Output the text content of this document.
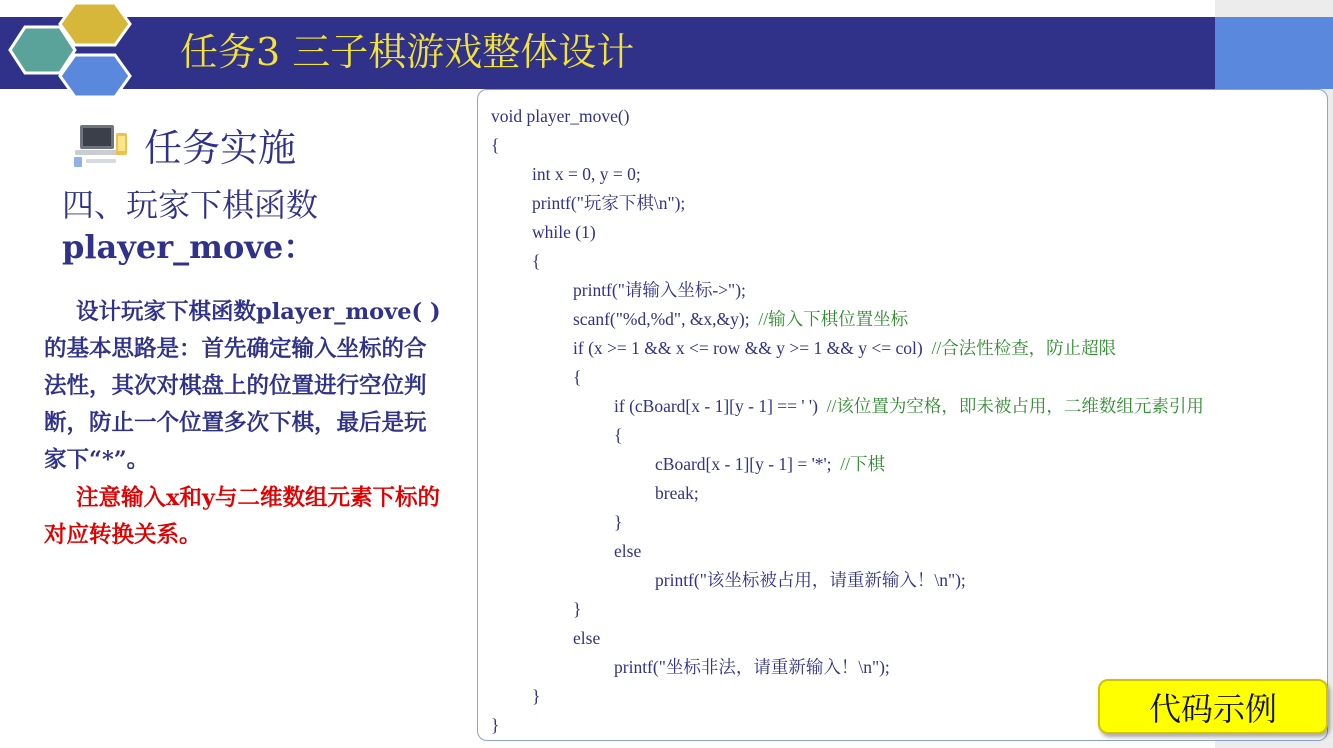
任务3 三子棋游戏整体设计
任务实施
四、玩家下棋函数
player_move：
设计玩家下棋函数player_move( )的基本思路是：首先确定输入坐标的合法性，其次对棋盘上的位置进行空位判断，防止一个位置多次下棋，最后是玩家下“*”。
注意输入x和y与二维数组元素下标的对应转换关系。
void player_move()
{
int x = 0, y = 0;
printf("玩家下棋\n");
while (1)
{
printf("请输入坐标->");
scanf("%d,%d", &x,&y);  //输入下棋位置坐标
if (x >= 1 && x <= row && y >= 1 && y <= col)  //合法性检查，防止超限
{
if (cBoard[x - 1][y - 1] == ' ')  //该位置为空格，即未被占用，二维数组元素引用
{
cBoard[x - 1][y - 1] = '*';  //下棋
break;
}
else
printf("该坐标被占用，请重新输入！\n");
}
else
printf("坐标非法，请重新输入！\n");
}
}	代码示例
